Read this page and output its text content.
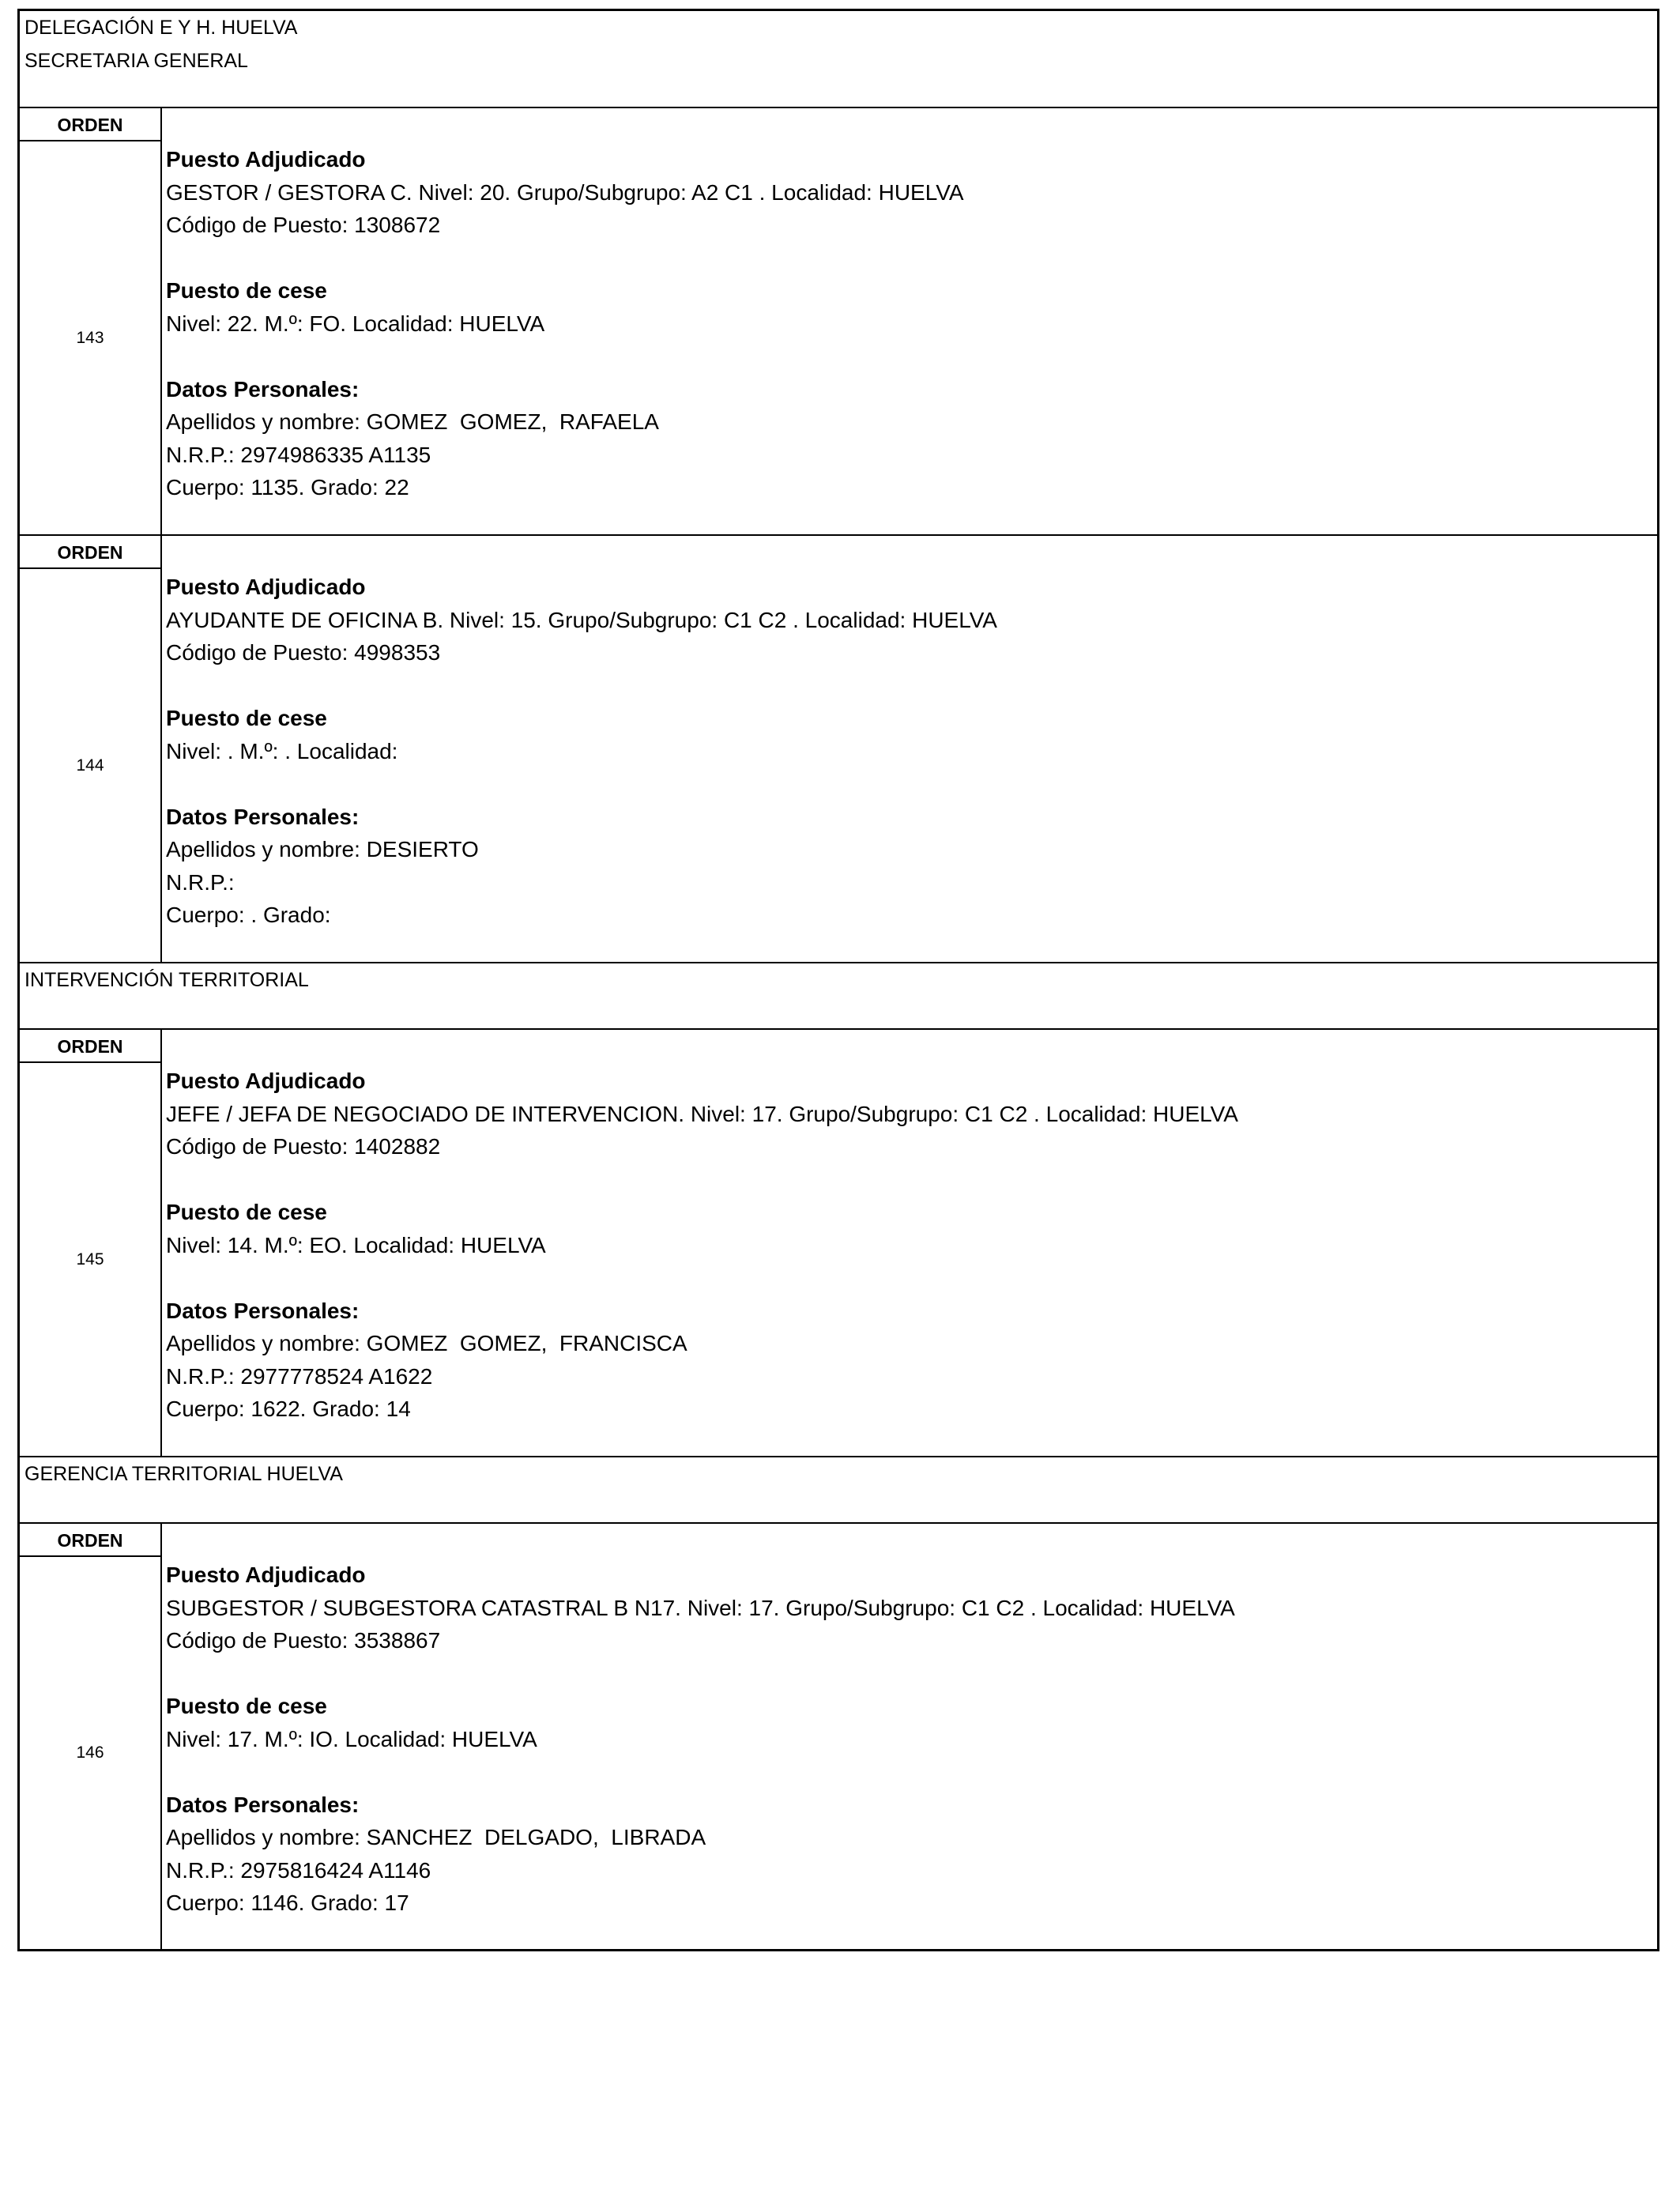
DELEGACIÓN E Y H. HUELVA
SECRETARIA GENERAL
ORDEN
143
Puesto Adjudicado
GESTOR / GESTORA C. Nivel: 20. Grupo/Subgrupo: A2 C1 . Localidad: HUELVA
Código de Puesto: 1308672
Puesto de cese
Nivel: 22. M.º: FO. Localidad: HUELVA
Datos Personales:
Apellidos y nombre: GOMEZ  GOMEZ,  RAFAELA
N.R.P.: 2974986335 A1135
Cuerpo: 1135. Grado: 22
ORDEN
144
Puesto Adjudicado
AYUDANTE DE OFICINA B. Nivel: 15. Grupo/Subgrupo: C1 C2 . Localidad: HUELVA
Código de Puesto: 4998353
Puesto de cese
Nivel: . M.º: . Localidad:
Datos Personales:
Apellidos y nombre: DESIERTO
N.R.P.:
Cuerpo: . Grado:
INTERVENCIÓN TERRITORIAL
ORDEN
145
Puesto Adjudicado
JEFE / JEFA DE NEGOCIADO DE INTERVENCION. Nivel: 17. Grupo/Subgrupo: C1 C2 . Localidad: HUELVA
Código de Puesto: 1402882
Puesto de cese
Nivel: 14. M.º: EO. Localidad: HUELVA
Datos Personales:
Apellidos y nombre: GOMEZ  GOMEZ,  FRANCISCA
N.R.P.: 2977778524 A1622
Cuerpo: 1622. Grado: 14
GERENCIA TERRITORIAL HUELVA
ORDEN
146
Puesto Adjudicado
SUBGESTOR / SUBGESTORA CATASTRAL B N17. Nivel: 17. Grupo/Subgrupo: C1 C2 . Localidad: HUELVA
Código de Puesto: 3538867
Puesto de cese
Nivel: 17. M.º: IO. Localidad: HUELVA
Datos Personales:
Apellidos y nombre: SANCHEZ  DELGADO,  LIBRADA
N.R.P.: 2975816424 A1146
Cuerpo: 1146. Grado: 17
